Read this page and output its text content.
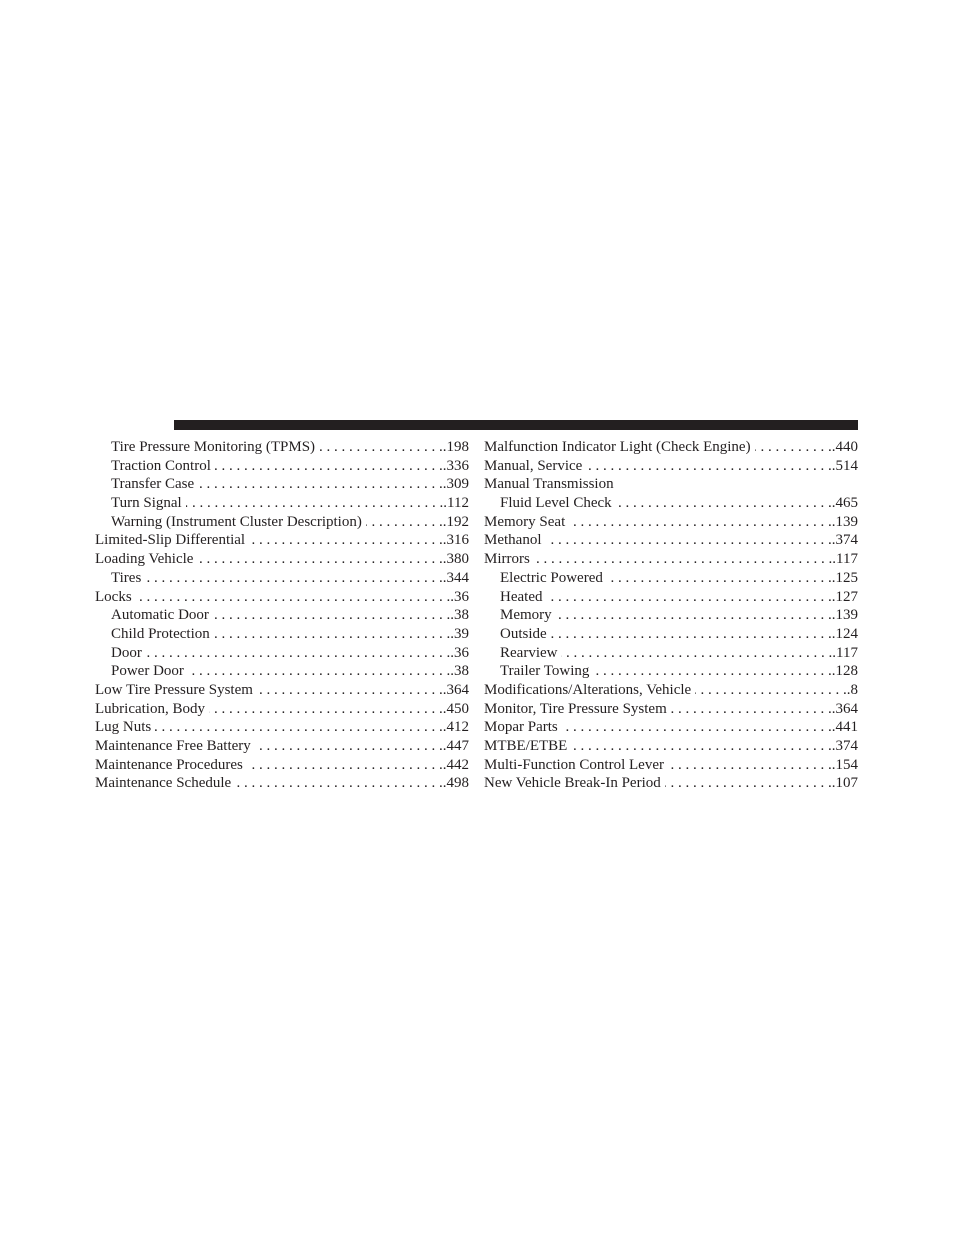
Tire Pressure Monitoring (TPMS) . . .	.198
Traction Control . . .	.336
Transfer Case . . .	.309
Turn Signal . . .	.112
Warning (Instrument Cluster Description) . . .	.192
Limited-Slip Differential . . .	.316
Loading Vehicle . . .	.380
Tires . . .	.344
Locks . . .	.36
Automatic Door . . .	.38
Child Protection . . .	.39
Door . . .	.36
Power Door . . .	.38
Low Tire Pressure System . . .	.364
Lubrication, Body . . .	.450
Lug Nuts . . .	.412
Maintenance Free Battery . . .	.447
Maintenance Procedures . . .	.442
Maintenance Schedule . . .	.498
Malfunction Indicator Light (Check Engine) . . .	.440
Manual, Service . . .	.514
Manual Transmission
Fluid Level Check . . .	.465
Memory Seat . . .	.139
Methanol . . .	.374
Mirrors . . .	.117
Electric Powered . . .	.125
Heated . . .	.127
Memory . . .	.139
Outside . . .	.124
Rearview . . .	.117
Trailer Towing . . .	.128
Modifications/Alterations, Vehicle . . .	.8
Monitor, Tire Pressure System . . .	.364
Mopar Parts . . .	.441
MTBE/ETBE . . .	.374
Multi-Function Control Lever . . .	.154
New Vehicle Break-In Period . . .	.107
